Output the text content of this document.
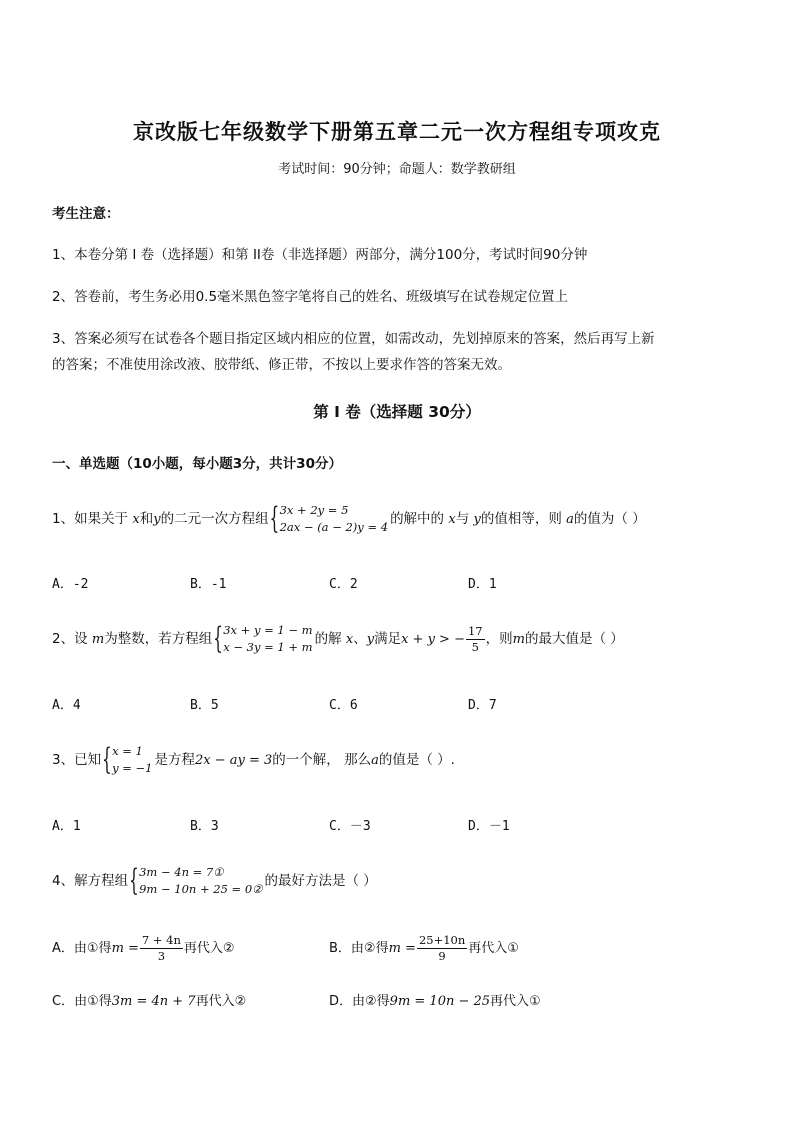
京改版七年级数学下册第五章二元一次方程组专项攻克
考试时间：90分钟；命题人：数学教研组
考生注意：
1、本卷分第 I 卷（选择题）和第 II卷（非选择题）两部分，满分100分，考试时间90分钟
2、答卷前，考生务必用0.5毫米黑色签字笔将自己的姓名、班级填写在试卷规定位置上
3、答案必须写在试卷各个题目指定区域内相应的位置，如需改动，先划掉原来的答案，然后再写上新
的答案；不准使用涂改液、胶带纸、修正带，不按以上要求作答的答案无效。
第 I 卷（选择题 30分）
一、单选题（10小题，每小题3分，共计30分）
1、如果关于 x和y的二元一次方程组 { 3x + 2y = 5
2ax − (a − 2)y = 4 的解中的 x与 y的值相等，则 a的值为（ ）
A．-2	B．-1	C．2	D．1
2、设 m为整数，若方程组 { 3x + y = 1 − m
x − 3y = 1 + m 的解 x、y满足x + y > − $\frac{17}{5}$ ，则m的最大值是（ ）
A．4	B．5	C．6	D．7
3、已知 { x = 1
y = −1 是方程2x − ay = 3的一个解， 那么a的值是（ ）.
A．1	B．3	C．－3	D．－1
4、解方程组 { 3m − 4n = 7①
9m − 10n + 25 = 0② 的最好方法是（ ）
A．由①得$m = \frac{7 + 4n}{3}$ 再代入②	B．由②得$m = \frac{25+10n}{9}$ 再代入①
C．由①得3m = 4n + 7再代入②	D．由②得9m = 10n − 25再代入①
